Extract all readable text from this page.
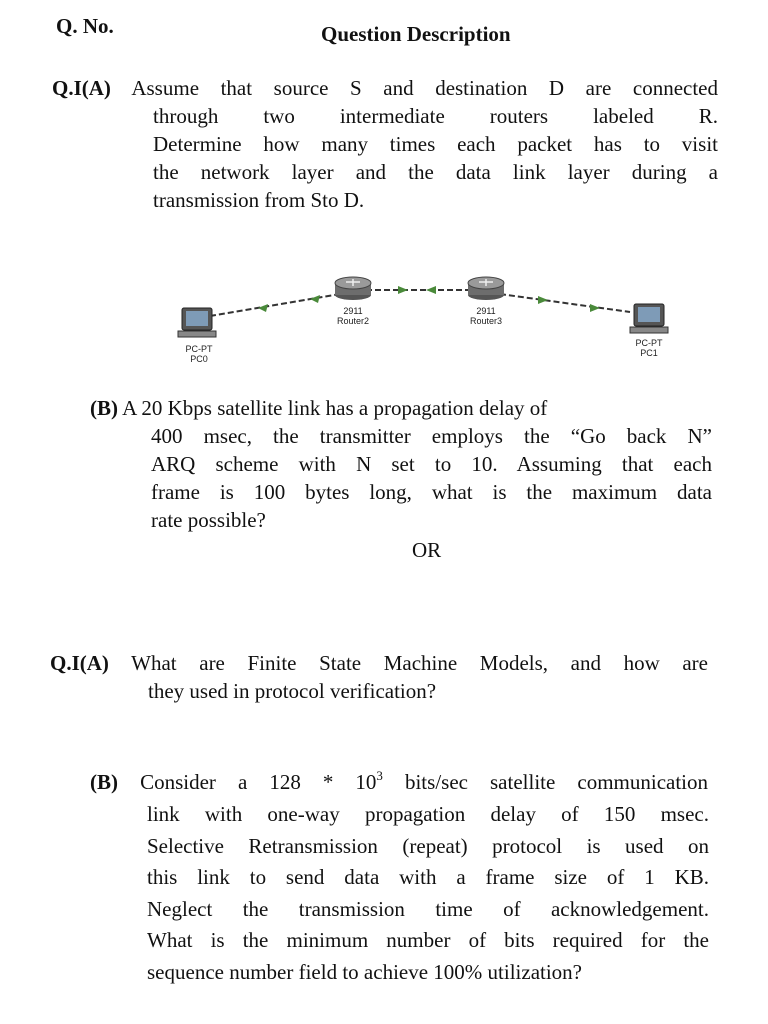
Q. No.	Question Description
Q.I(A) Assume that source S and destination D are connected
through two intermediate routers labeled R.
Determine how many times each packet has to visit
the network layer and the data link layer during a
transmission from Sto D.
PC-PT
PC0
2911
Router2
2911
Router3
PC-PT
PC1
(B) A 20 Kbps satellite link has a propagation delay of
400 msec, the transmitter employs the “Go back N”
ARQ scheme with N set to 10. Assuming that each
frame is 100 bytes long, what is the maximum data
rate possible?
OR
Q.I(A) What are Finite State Machine Models, and how are
they used in protocol verification?
(B) Consider a $128 * 10^3$ bits/sec satellite communication
link with one-way propagation delay of 150 msec.
Selective Retransmission (repeat) protocol is used on
this link to send data with a frame size of 1 KB.
Neglect the transmission time of acknowledgement.
What is the minimum number of bits required for the
sequence number field to achieve 100% utilization?
